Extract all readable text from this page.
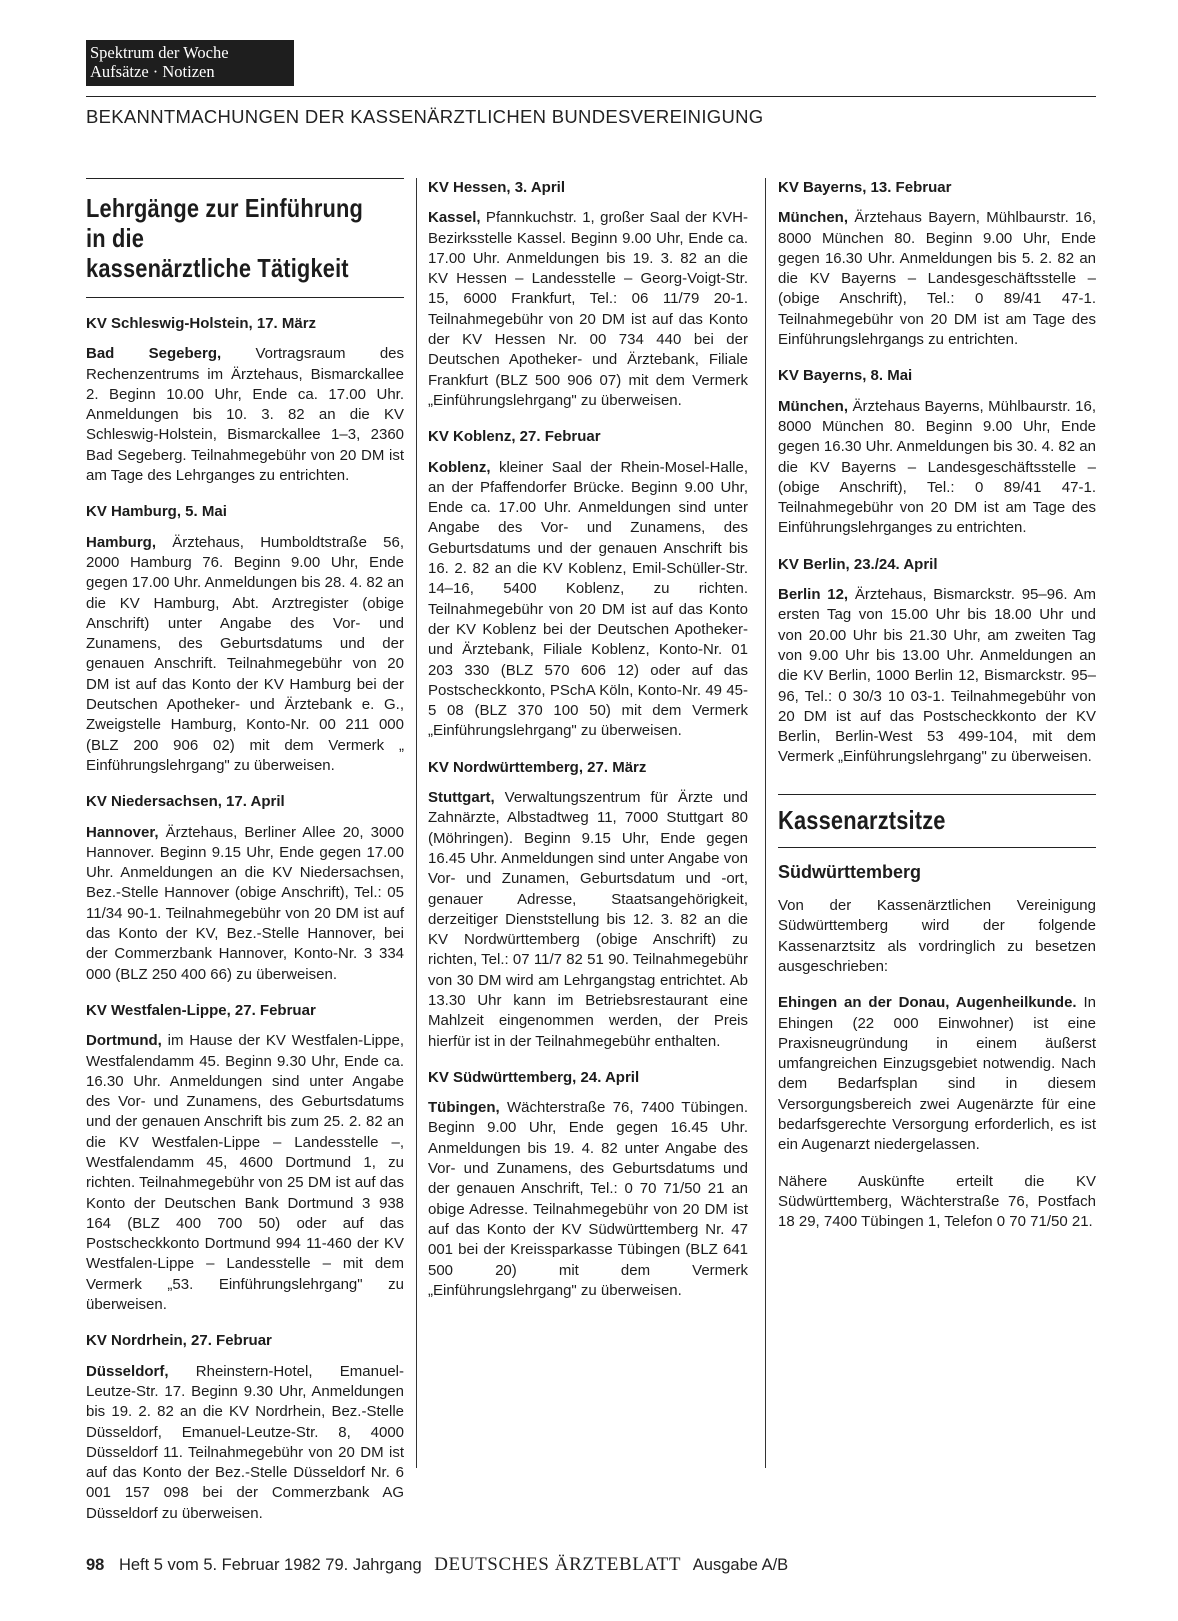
Spektrum der Woche
Aufsätze · Notizen
BEKANNTMACHUNGEN DER KASSENÄRZTLICHEN BUNDESVEREINIGUNG
Lehrgänge zur Einführung
in die
kassenärztliche Tätigkeit
KV Schleswig-Holstein, 17. März

Bad Segeberg, Vortragsraum des Rechenzentrums im Ärztehaus, Bismarckallee 2. Beginn 10.00 Uhr, Ende ca. 17.00 Uhr. Anmeldungen bis 10. 3. 82 an die KV Schleswig-Holstein, Bismarckallee 1–3, 2360 Bad Segeberg. Teilnahmegebühr von 20 DM ist am Tage des Lehrganges zu entrichten.

KV Hamburg, 5. Mai

Hamburg, Ärztehaus, Humboldtstraße 56, 2000 Hamburg 76. Beginn 9.00 Uhr, Ende gegen 17.00 Uhr. Anmeldungen bis 28. 4. 82 an die KV Hamburg, Abt. Arztregister (obige Anschrift) unter Angabe des Vor- und Zunamens, des Geburtsdatums und der genauen Anschrift. Teilnahmegebühr von 20 DM ist auf das Konto der KV Hamburg bei der Deutschen Apotheker- und Ärztebank e. G., Zweigstelle Hamburg, Konto-Nr. 00 211 000 (BLZ 200 906 02) mit dem Vermerk „ Einführungslehrgang" zu überweisen.

KV Niedersachsen, 17. April

Hannover, Ärztehaus, Berliner Allee 20, 3000 Hannover. Beginn 9.15 Uhr, Ende gegen 17.00 Uhr. Anmeldungen an die KV Niedersachsen, Bez.-Stelle Hannover (obige Anschrift), Tel.: 05 11/34 90-1. Teilnahmegebühr von 20 DM ist auf das Konto der KV, Bez.-Stelle Hannover, bei der Commerzbank Hannover, Konto-Nr. 3 334 000 (BLZ 250 400 66) zu überweisen.

KV Westfalen-Lippe, 27. Februar

Dortmund, im Hause der KV Westfalen-Lippe, Westfalendamm 45. Beginn 9.30 Uhr, Ende ca. 16.30 Uhr. Anmeldungen sind unter Angabe des Vor- und Zunamens, des Geburtsdatums und der genauen Anschrift bis zum 25. 2. 82 an die KV Westfalen-Lippe – Landesstelle –, Westfalendamm 45, 4600 Dortmund 1, zu richten. Teilnahmegebühr von 25 DM ist auf das Konto der Deutschen Bank Dortmund 3 938 164 (BLZ 400 700 50) oder auf das Postscheckkonto Dortmund 994 11-460 der KV Westfalen-Lippe – Landesstelle – mit dem Vermerk „53. Einführungslehrgang" zu überweisen.

KV Nordrhein, 27. Februar

Düsseldorf, Rheinstern-Hotel, Emanuel-Leutze-Str. 17. Beginn 9.30 Uhr, Anmeldungen bis 19. 2. 82 an die KV Nordrhein, Bez.-Stelle Düsseldorf, Emanuel-Leutze-Str. 8, 4000 Düsseldorf 11. Teilnahmegebühr von 20 DM ist auf das Konto der Bez.-Stelle Düsseldorf Nr. 6 001 157 098 bei der Commerzbank AG Düsseldorf zu überweisen.

KV Hessen, 3. April

Kassel, Pfannkuchstr. 1, großer Saal der KVH-Bezirksstelle Kassel. Beginn 9.00 Uhr, Ende ca. 17.00 Uhr. Anmeldungen bis 19. 3. 82 an die KV Hessen – Landesstelle – Georg-Voigt-Str. 15, 6000 Frankfurt, Tel.: 06 11/79 20-1. Teilnahmegebühr von 20 DM ist auf das Konto der KV Hessen Nr. 00 734 440 bei der Deutschen Apotheker- und Ärztebank, Filiale Frankfurt (BLZ 500 906 07) mit dem Vermerk „Einführungslehrgang" zu überweisen.

KV Koblenz, 27. Februar

Koblenz, kleiner Saal der Rhein-Mosel-Halle, an der Pfaffendorfer Brücke. Beginn 9.00 Uhr, Ende ca. 17.00 Uhr. Anmeldungen sind unter Angabe des Vor- und Zunamens, des Geburtsdatums und der genauen Anschrift bis 16. 2. 82 an die KV Koblenz, Emil-Schüller-Str. 14–16, 5400 Koblenz, zu richten. Teilnahmegebühr von 20 DM ist auf das Konto der KV Koblenz bei der Deutschen Apotheker- und Ärztebank, Filiale Koblenz, Konto-Nr. 01 203 330 (BLZ 570 606 12) oder auf das Postscheckkonto, PSchA Köln, Konto-Nr. 49 45-5 08 (BLZ 370 100 50) mit dem Vermerk „Einführungslehrgang" zu überweisen.

KV Nordwürttemberg, 27. März

Stuttgart, Verwaltungszentrum für Ärzte und Zahnärzte, Albstadtweg 11, 7000 Stuttgart 80 (Möhringen). Beginn 9.15 Uhr, Ende gegen 16.45 Uhr. Anmeldungen sind unter Angabe von Vor- und Zunamen, Geburtsdatum und -ort, genauer Adresse, Staatsangehörigkeit, derzeitiger Dienststellung bis 12. 3. 82 an die KV Nordwürttemberg (obige Anschrift) zu richten, Tel.: 07 11/7 82 51 90. Teilnahmegebühr von 30 DM wird am Lehrgangstag entrichtet. Ab 13.30 Uhr kann im Betriebsrestaurant eine Mahlzeit eingenommen werden, der Preis hierfür ist in der Teilnahmegebühr enthalten.

KV Südwürttemberg, 24. April

Tübingen, Wächterstraße 76, 7400 Tübingen. Beginn 9.00 Uhr, Ende gegen 16.45 Uhr. Anmeldungen bis 19. 4. 82 unter Angabe des Vor- und Zunamens, des Geburtsdatums und der genauen Anschrift, Tel.: 0 70 71/50 21 an obige Adresse. Teilnahmegebühr von 20 DM ist auf das Konto der KV Südwürttemberg Nr. 47 001 bei der Kreissparkasse Tübingen (BLZ 641 500 20) mit dem Vermerk „Einführungslehrgang" zu überweisen.

KV Bayerns, 13. Februar

München, Ärztehaus Bayern, Mühlbaurstr. 16, 8000 München 80. Beginn 9.00 Uhr, Ende gegen 16.30 Uhr. Anmeldungen bis 5. 2. 82 an die KV Bayerns – Landesgeschäftsstelle – (obige Anschrift), Tel.: 0 89/41 47-1. Teilnahmegebühr von 20 DM ist am Tage des Einführungslehrgangs zu entrichten.

KV Bayerns, 8. Mai

München, Ärztehaus Bayerns, Mühlbaurstr. 16, 8000 München 80. Beginn 9.00 Uhr, Ende gegen 16.30 Uhr. Anmeldungen bis 30. 4. 82 an die KV Bayerns – Landesgeschäftsstelle – (obige Anschrift), Tel.: 0 89/41 47-1. Teilnahmegebühr von 20 DM ist am Tage des Einführungslehrganges zu entrichten.

KV Berlin, 23./24. April

Berlin 12, Ärztehaus, Bismarckstr. 95–96. Am ersten Tag von 15.00 Uhr bis 18.00 Uhr und von 20.00 Uhr bis 21.30 Uhr, am zweiten Tag von 9.00 Uhr bis 13.00 Uhr. Anmeldungen an die KV Berlin, 1000 Berlin 12, Bismarckstr. 95–96, Tel.: 0 30/3 10 03-1. Teilnahmegebühr von 20 DM ist auf das Postscheckkonto der KV Berlin, Berlin-West 53 499-104, mit dem Vermerk „Einführungslehrgang" zu überweisen.

Kassenarztsitze
Südwürttemberg

Von der Kassenärztlichen Vereinigung Südwürttemberg wird der folgende Kassenarztsitz als vordringlich zu besetzen ausgeschrieben:

Ehingen an der Donau, Augenheilkunde. In Ehingen (22 000 Einwohner) ist eine Praxisneugründung in einem äußerst umfangreichen Einzugsgebiet notwendig. Nach dem Bedarfsplan sind in diesem Versorgungsbereich zwei Augenärzte für eine bedarfsgerechte Versorgung erforderlich, es ist ein Augenarzt niedergelassen.

Nähere Auskünfte erteilt die KV Südwürttemberg, Wächterstraße 76, Postfach 18 29, 7400 Tübingen 1, Telefon 0 70 71/50 21.

98 Heft 5 vom 5. Februar 1982 79. Jahrgang DEUTSCHES ÄRZTEBLATT Ausgabe A/B
